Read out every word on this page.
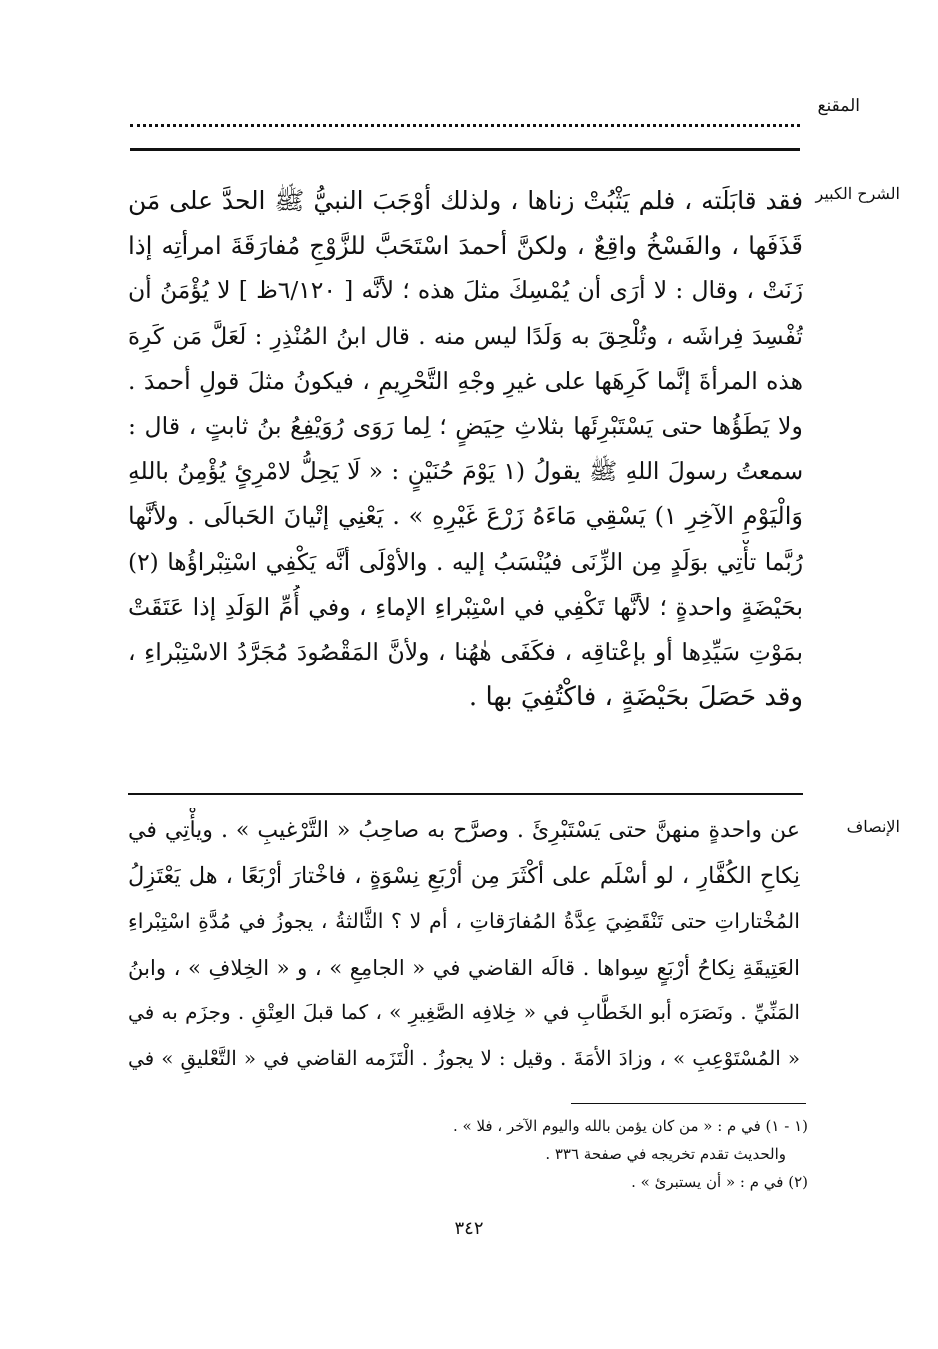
المقنع
الشرح الكبير
فقد قابَلَته ، فلم يَثْبُتْ زناها ، ولذلك أوْجَبَ النبيُّ ﷺ الحدَّ على مَن
قَذَفَها ، والفَسْخُ واقِعٌ ، ولكنَّ أحمدَ اسْتَحَبَّ للزَّوْجِ مُفارَقَةَ امرأتِه إذا
زَنَتْ ، وقال : لا أرَى أن يُمْسِكَ مثلَ هذه ؛ لأنَّه [ ٦/١٢٠ظ ] لا يُؤْمَنُ أن
تُفْسِدَ فِراشَه ، وتُلْحِقَ به وَلَدًا ليس منه . قال ابنُ المُنْذِرِ : لَعَلَّ مَن كَرِهَ
هذه المرأةَ إنَّما كَرِهَها على غيرِ وجْهِ التَّحْرِيمِ ، فيكونُ مثلَ قولِ أحمدَ .
ولا يَطَؤُها حتى يَسْتَبْرِئَها بثلاثِ حِيَضٍ ؛ لِما رَوَى رُوَيْفِعُ بنُ ثابتٍ ، قال :
سمعتُ رسولَ اللهِ ﷺ يقولُ (١ يَوْمَ حُنَيْنٍ : « لَا يَحِلُّ لامْرِئٍ يُؤْمِنُ باللهِ
وَالْيَوْمِ الآخِرِ ١) يَسْقِي مَاءَهُ زَرْعَ غَيْرِهِ » . يَعْنِي إتْيانَ الحَبالَى . ولأنَّها
رُبَّما تأْتِي بوَلَدٍ مِن الزِّنَى فيُنْسَبُ إليه . والأوْلَى أنَّه يَكْفِي اسْتِبْراؤُها (٢)
بحَيْضَةٍ واحدةٍ ؛ لأنَّها تَكْفِي في اسْتِبْراءِ الإماءِ ، وفي أُمِّ الوَلَدِ إذا عَتَقَتْ
بمَوْتِ سَيِّدِها أو بإعْتاقِه ، فكَفَى هٰهُنا ، ولأنَّ المَقْصُودَ مُجَرَّدُ الاسْتِبْراءِ ،
وقد حَصَلَ بحَيْضَةٍ ، فاكْتُفِيَ بها .
الإنصاف
عن واحدةٍ منهنَّ حتى يَسْتَبْرِئَ . وصرَّح به صاحِبُ « التَّرْغيبِ » . ويأْتِي في
نِكاحِ الكُفَّارِ ، لو أسْلَم على أكْثَرَ مِن أرْبَعِ نِسْوَةٍ ، فاخْتارَ أرْبَعًا ، هل يَعْتَزِلُ
المُخْتاراتِ حتى تَنْقَضِيَ عِدَّةُ المُفارَقاتِ ، أم لا ؟ الثَّالثةُ ، يجوزُ في مُدَّةِ اسْتِبْراءِ
العَتِيقَةِ نِكاحُ أرْبَعٍ سِواها . قالَه القاضي في « الجامِعِ » ، و « الخِلافِ » ، وابنُ
المَنِّيِّ . ونَصَرَه أبو الخَطَّابِ في « خِلافِه الصَّغِيرِ » ، كما قبلَ العِتْقِ . وجزَم به في
« المُسْتَوْعِبِ » ، وزادَ الأمَةَ . وقيل : لا يجوزُ . الْتَزَمه القاضي في « التَّعْليقِ » في
(١ - ١) في م : « من كان يؤمن بالله واليوم الآخر ، فلا » .
والحديث تقدم تخريجه في صفحة ٣٣٦ .
(٢) في م : « أن يستبرئ » .
٣٤٢
